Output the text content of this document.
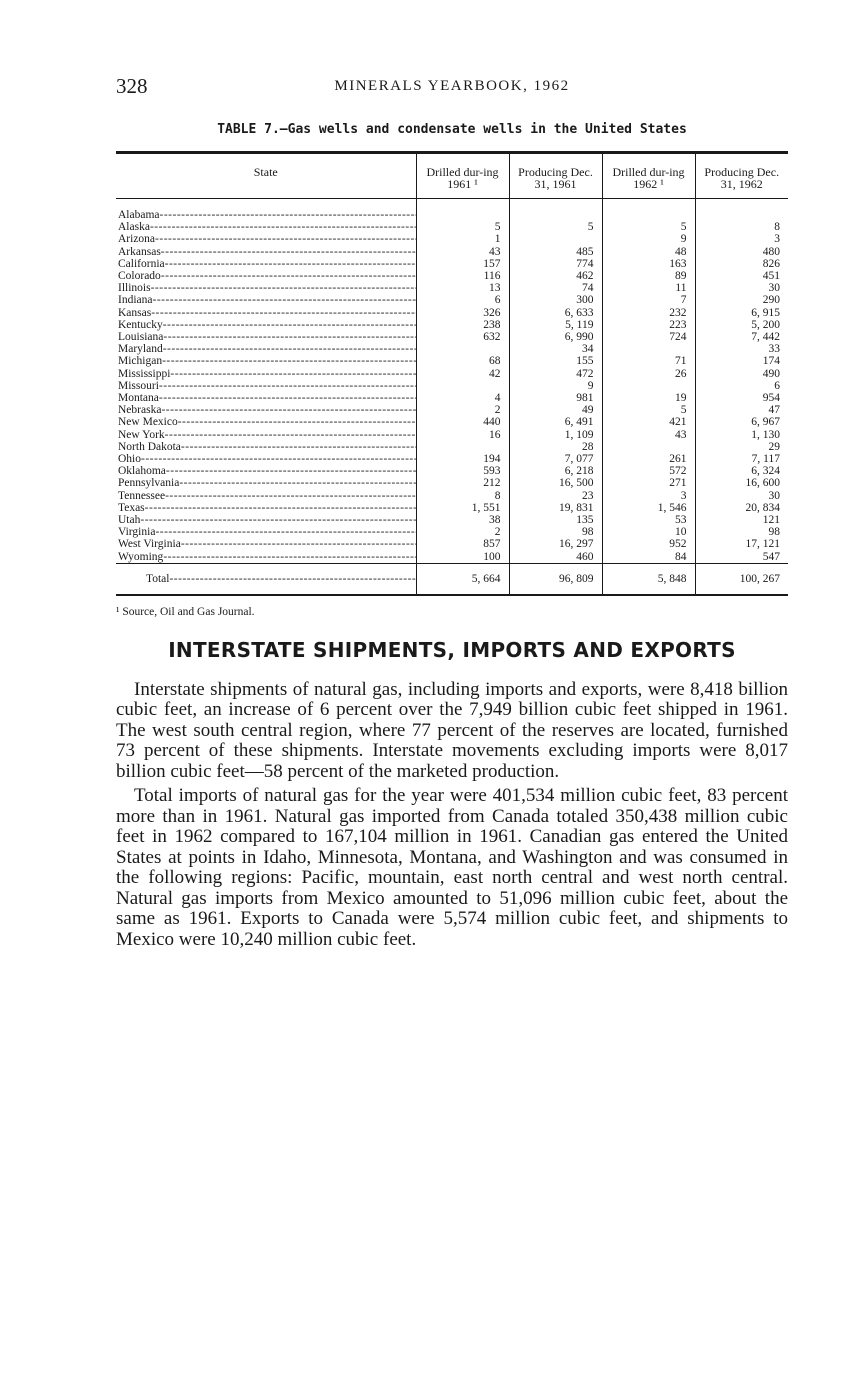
328	MINERALS YEARBOOK, 1962
TABLE 7.—Gas wells and condensate wells in the United States
State	Drilled dur-ing 1961 ¹	Producing Dec. 31, 1961	Drilled dur-ing 1962 ¹	Producing Dec. 31, 1962

Alabama -----				
Alaska -----	5	5	5	8
Arizona -----	1		9	3
Arkansas -----	43	485	48	480
California -----	157	774	163	826
Colorado -----	116	462	89	451
Illinois -----	13	74	11	30
Indiana -----	6	300	7	290
Kansas -----	326	6, 633	232	6, 915
Kentucky -----	238	5, 119	223	5, 200
Louisiana -----	632	6, 990	724	7, 442
Maryland -----		34		33
Michigan -----	68	155	71	174
Mississippi -----	42	472	26	490
Missouri -----		9		6
Montana -----	4	981	19	954
Nebraska -----	2	49	5	47
New Mexico -----	440	6, 491	421	6, 967
New York -----	16	1, 109	43	1, 130
North Dakota -----		28		29
Ohio -----	194	7, 077	261	7, 117
Oklahoma -----	593	6, 218	572	6, 324
Pennsylvania -----	212	16, 500	271	16, 600
Tennessee -----	8	23	3	30
Texas -----	1, 551	19, 831	1, 546	20, 834
Utah -----	38	135	53	121
Virginia -----	2	98	10	98
West Virginia -----	857	16, 297	952	17, 121
Wyoming -----	100	460	84	547
Total -----	5, 664	96, 809	5, 848	100, 267
¹ Source, Oil and Gas Journal.
INTERSTATE SHIPMENTS, IMPORTS AND EXPORTS

Interstate shipments of natural gas, including imports and exports, were 8,418 billion cubic feet, an increase of 6 percent over the 7,949 billion cubic feet shipped in 1961. The west south central region, where 77 percent of the reserves are located, furnished 73 percent of these shipments. Interstate movements excluding imports were 8,017 billion cubic feet—58 percent of the marketed production.

Total imports of natural gas for the year were 401,534 million cubic feet, 83 percent more than in 1961. Natural gas imported from Canada totaled 350,438 million cubic feet in 1962 compared to 167,104 million in 1961. Canadian gas entered the United States at points in Idaho, Minnesota, Montana, and Washington and was consumed in the following regions: Pacific, mountain, east north central and west north central. Natural gas imports from Mexico amounted to 51,096 million cubic feet, about the same as 1961. Exports to Canada were 5,574 million cubic feet, and shipments to Mexico were 10,240 million cubic feet.
